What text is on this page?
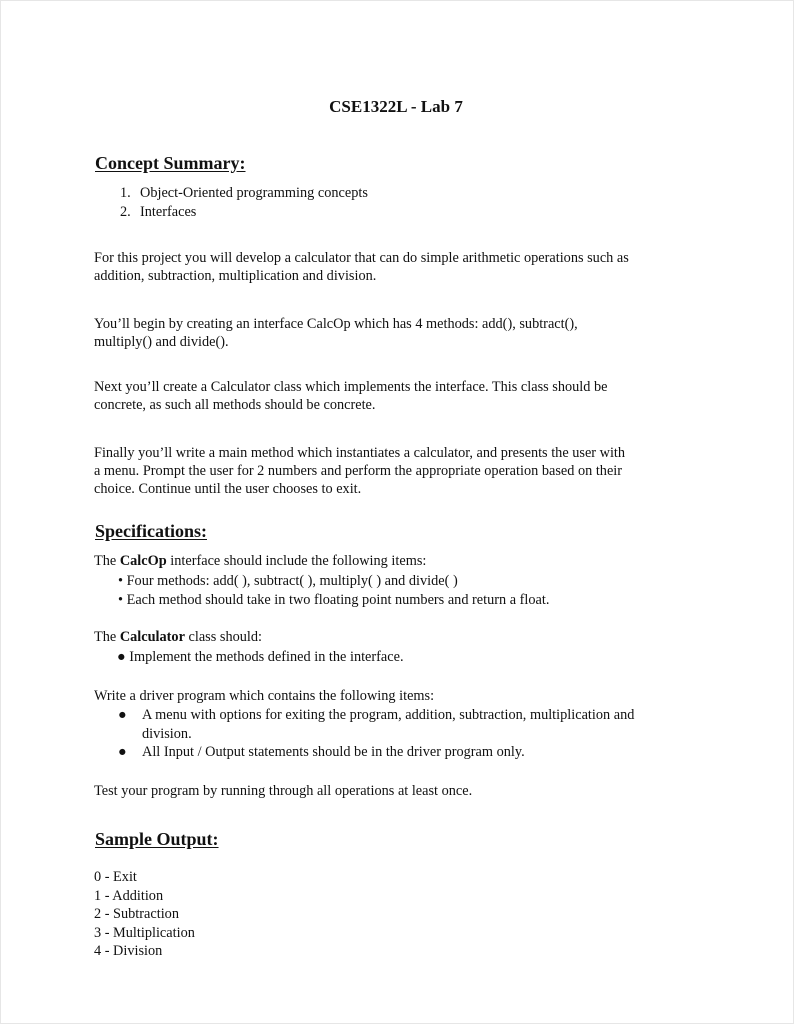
CSE1322L - Lab 7
Concept Summary:
1. Object-Oriented programming concepts
2. Interfaces
For this project you will develop a calculator that can do simple arithmetic operations such as
addition, subtraction, multiplication and division.
You’ll begin by creating an interface CalcOp which has 4 methods: add(), subtract(),
multiply() and divide().
Next you’ll create a Calculator class which implements the interface. This class should be
concrete, as such all methods should be concrete.
Finally you’ll write a main method which instantiates a calculator, and presents the user with
a menu. Prompt the user for 2 numbers and perform the appropriate operation based on their
choice. Continue until the user chooses to exit.
Specifications:
The CalcOp interface should include the following items:
• Four methods: add( ), subtract( ), multiply( ) and divide( )
• Each method should take in two floating point numbers and return a float.
The Calculator class should:
● Implement the methods defined in the interface.
Write a driver program which contains the following items:
● A menu with options for exiting the program, addition, subtraction, multiplication and
division.
● All Input / Output statements should be in the driver program only.
Test your program by running through all operations at least once.
Sample Output:
0 - Exit
1 - Addition
2 - Subtraction
3 - Multiplication
4 - Division
